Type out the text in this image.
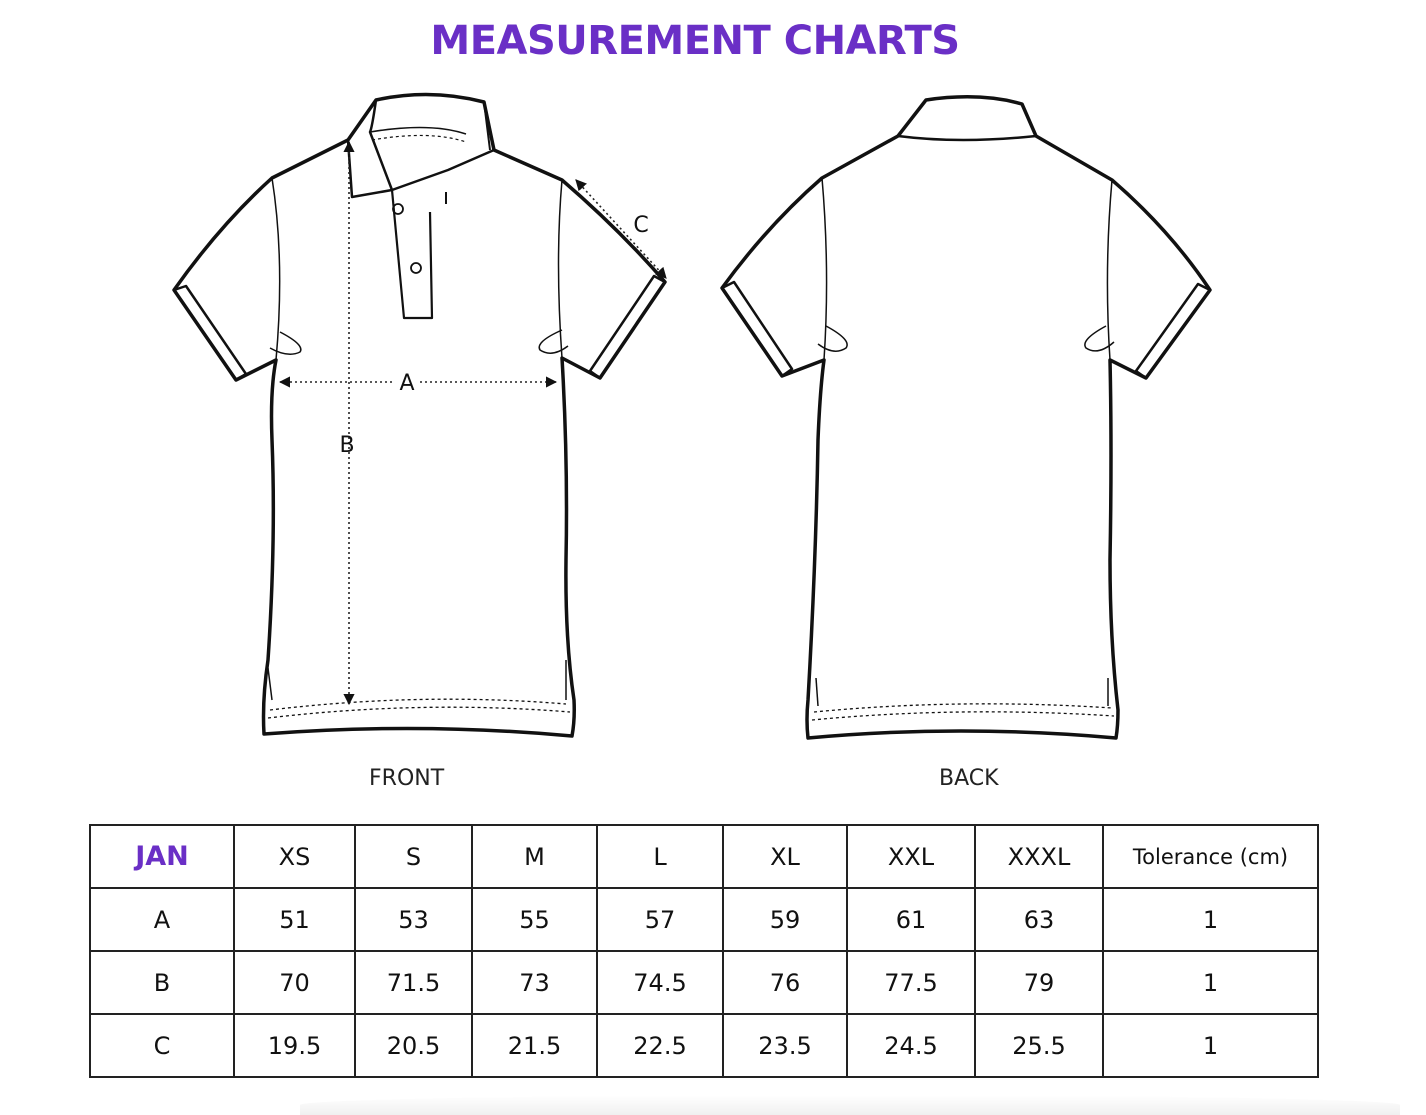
MEASUREMENT CHARTS
A
B
C
FRONT	BACK
JAN	XS	S	M	L	XL	XXL	XXXL	Tolerance (cm)
A	51	53	55	57	59	61	63	1
B	70	71.5	73	74.5	76	77.5	79	1
C	19.5	20.5	21.5	22.5	23.5	24.5	25.5	1
